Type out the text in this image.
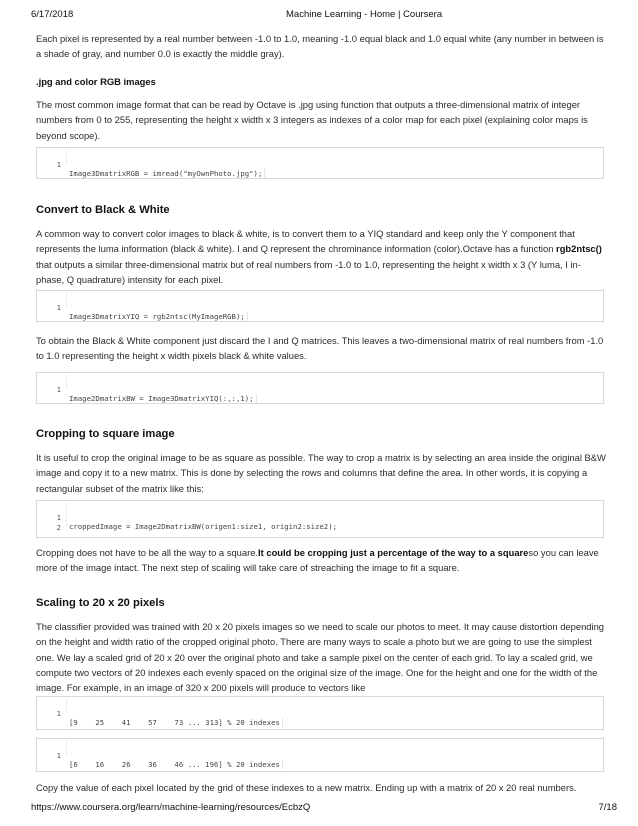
6/17/2018	Machine Learning - Home | Coursera

Each pixel is represented by a real number between -1.0 to 1.0, meaning -1.0 equal black and 1.0 equal white (any number in between is a shade of gray, and number 0.0 is exactly the middle gray).

.jpg and color RGB images

The most common image format that can be read by Octave is .jpg using function that outputs a three-dimensional matrix of integer numbers from 0 to 255, representing the height x width x 3 integers as indexes of a color map for each pixel (explaining color maps is beyond scope).

1

Image3DmatrixRGB = imread("myOwnPhoto.jpg");

Convert to Black & White

A common way to convert color images to black & white, is to convert them to a YIQ standard and keep only the Y component that represents the luma information (black & white). I and Q represent the chrominance information (color).Octave has a function rgb2ntsc() that outputs a similar three-dimensional matrix but of real numbers from -1.0 to 1.0, representing the height x width x 3 (Y luma, I in-phase, Q quadrature) intensity for each pixel.

1

Image3DmatrixYIQ = rgb2ntsc(MyImageRGB);

To obtain the Black & White component just discard the I and Q matrices. This leaves a two-dimensional matrix of real numbers from -1.0 to 1.0 representing the height x width pixels black & white values.

1

Image2DmatrixBW = Image3DmatrixYIQ(:,:,1);

Cropping to square image

It is useful to crop the original image to be as square as possible. The way to crop a matrix is by selecting an area inside the original B&W image and copy it to a new matrix. This is done by selecting the rows and columns that define the area. In other words, it is copying a rectangular subset of the matrix like this:

1

croppedImage = Image2DmatrixBW(origen1:size1, origin2:size2);

2

Cropping does not have to be all the way to a square.It could be cropping just a percentage of the way to a squareso you can leave more of the image intact. The next step of scaling will take care of streaching the image to fit a square.

Scaling to 20 x 20 pixels

The classifier provided was trained with 20 x 20 pixels images so we need to scale our photos to meet. It may cause distortion depending on the height and width ratio of the cropped original photo. There are many ways to scale a photo but we are going to use the simplest one. We lay a scaled grid of 20 x 20 over the original photo and take a sample pixel on the center of each grid. To lay a scaled grid, we compute two vectors of 20 indexes each evenly spaced on the original size of the image. One for the height and one for the width of the image. For example, in an image of 320 x 200 pixels will produce to vectors like

1

[9    25    41    57    73 ... 313] % 20 indexes

1

[6    16    26    36    46 ... 196] % 20 indexes

Copy the value of each pixel located by the grid of these indexes to a new matrix. Ending up with a matrix of 20 x 20 real numbers.

https://www.coursera.org/learn/machine-learning/resources/EcbzQ	7/18
